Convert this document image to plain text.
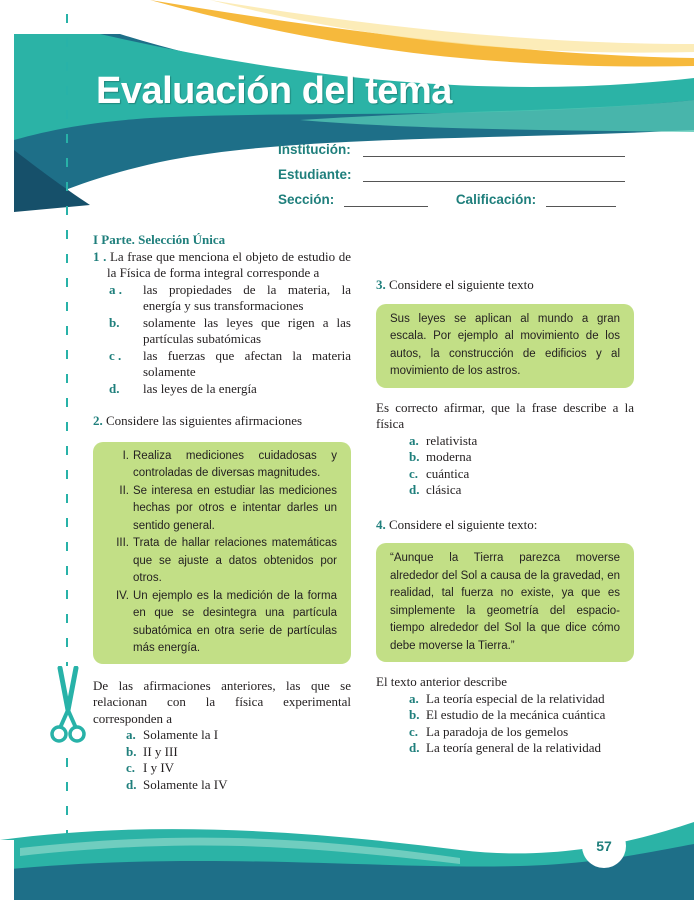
Evaluación del tema
Institución:
Estudiante:
Sección:	Calificación:
I Parte. Selección Única
1 . La frase que menciona el objeto de estudio de la Física de forma integral corresponde a
a . las propiedades de la materia, la energía y sus transformaciones
b. solamente las leyes que rigen a las partículas subatómicas
c . las fuerzas que afectan la materia solamente
d. las leyes de la energía
2. Considere las siguientes afirmaciones
I. Realiza mediciones cuidadosas y controladas de diversas magnitudes.
II. Se interesa en estudiar las mediciones hechas por otros e intentar darles un sentido general.
III. Trata de hallar relaciones matemáticas que se ajuste a datos obtenidos por otros.
IV. Un ejemplo es la medición de la forma en que se desintegra una partícula subatómica en otra serie de partículas más energía.
De las afirmaciones anteriores, las que se relacionan con la física experimental corresponden a
a. Solamente la I
b. II y III
c. I y IV
d. Solamente la IV
3. Considere el siguiente texto
Sus leyes se aplican al mundo a gran escala. Por ejemplo al movimiento de los autos, la construcción de edificios y al movimiento de los astros.
Es correcto afirmar, que la frase describe a la física
a. relativista
b. moderna
c. cuántica
d. clásica
4. Considere el siguiente texto:
“Aunque la Tierra parezca moverse alrededor del Sol a causa de la gravedad, en realidad, tal fuerza no existe, ya que es simplemente la geometría del espacio-tiempo alrededor del Sol la que dice cómo debe moverse la Tierra.”
El texto anterior describe
a. La teoría especial de la relatividad
b. El estudio de la mecánica cuántica
c. La paradoja de los gemelos
d. La teoría general de la relatividad
Física 10º	57
